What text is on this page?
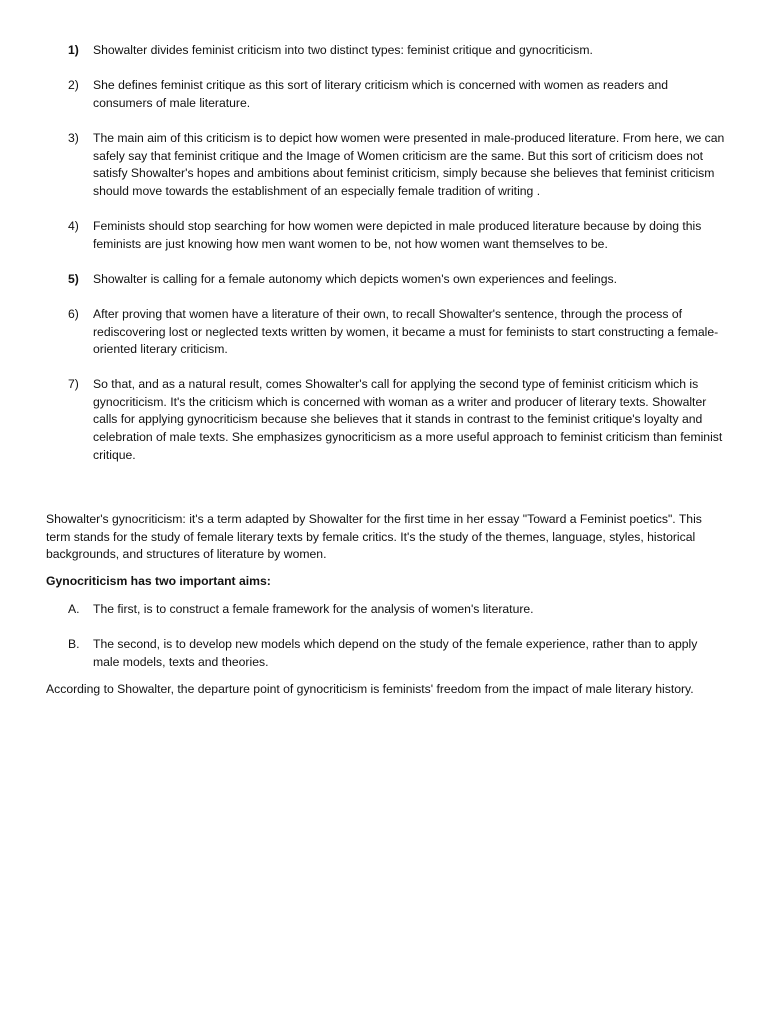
1) Showalter divides feminist criticism into two distinct types: feminist critique and gynocriticism.
2) She defines feminist critique as this sort of literary criticism which is concerned with women as readers and consumers of male literature.
3) The main aim of this criticism is to depict how women were presented in male-produced literature. From here, we can safely say that feminist critique and the Image of Women criticism are the same. But this sort of criticism does not satisfy Showalter's hopes and ambitions about feminist criticism, simply because she believes that feminist criticism should move towards the establishment of an especially female tradition of writing .
4) Feminists should stop searching for how women were depicted in male produced literature because by doing this feminists are just knowing how men want women to be, not how women want themselves to be.
5) Showalter is calling for a female autonomy which depicts women's own experiences and feelings.
6) After proving that women have a literature of their own, to recall Showalter's sentence, through the process of rediscovering lost or neglected texts written by women, it became a must for feminists to start constructing a female-oriented literary criticism.
7) So that, and as a natural result, comes Showalter's call for applying the second type of feminist criticism which is gynocriticism. It's the criticism which is concerned with woman as a writer and producer of literary texts. Showalter calls for applying gynocriticism because she believes that it stands in contrast to the feminist critique's loyalty and celebration of male texts. She emphasizes gynocriticism as a more useful approach to feminist criticism than feminist critique.

Showalter's gynocriticism: it's a term adapted by Showalter for the first time in her essay "Toward a Feminist poetics". This term stands for the study of female literary texts by female critics. It's the study of the themes, language, styles, historical backgrounds, and structures of literature by women.

Gynocriticism has two important aims:

A. The first, is to construct a female framework for the analysis of women's literature.
B. The second, is to develop new models which depend on the study of the female experience, rather than to apply male models, texts and theories.

According to Showalter, the departure point of gynocriticism is feminists' freedom from the impact of male literary history.
